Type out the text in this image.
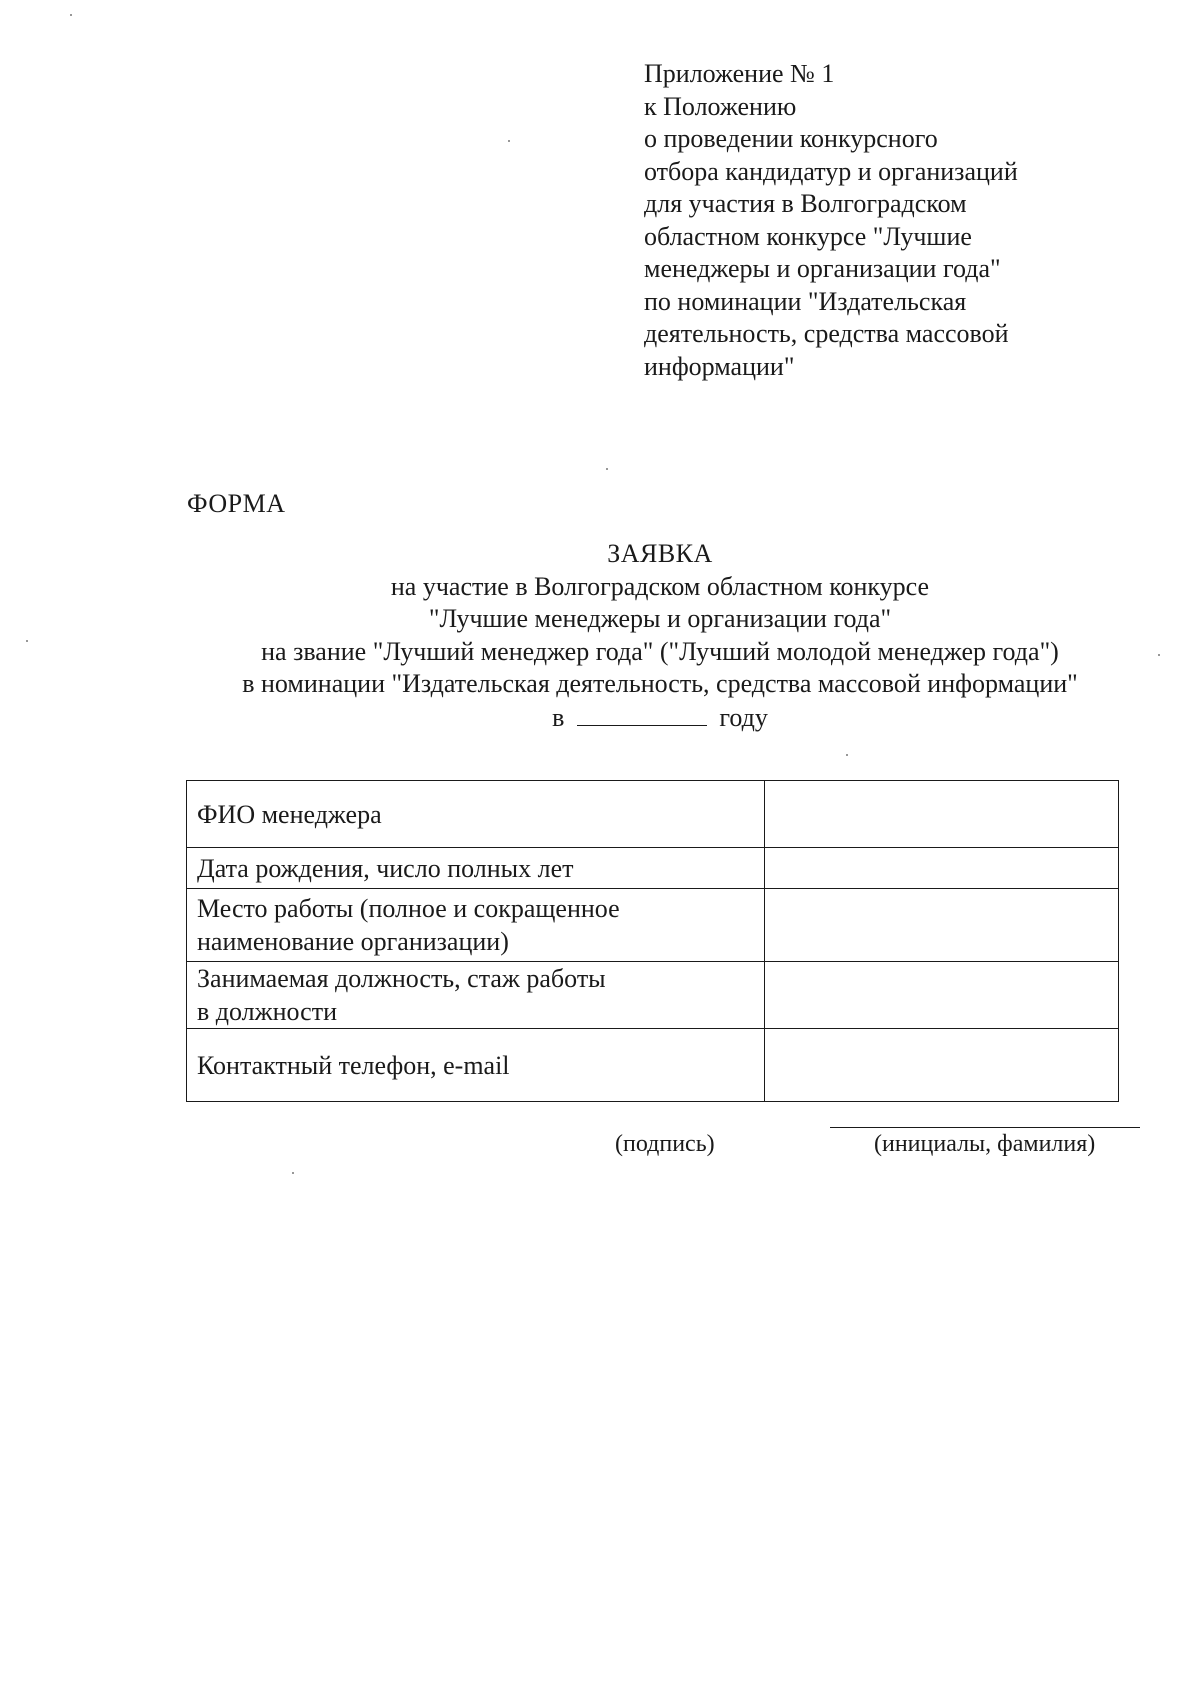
Приложение № 1
к Положению
о проведении конкурсного
отбора кандидатур и организаций
для участия в Волгоградском
областном конкурсе "Лучшие
менеджеры и организации года"
по номинации "Издательская
деятельность, средства массовой
информации"
ФОРМА
ЗАЯВКА
на участие в Волгоградском областном конкурсе
"Лучшие менеджеры и организации года"
на звание "Лучший менеджер года" ("Лучший молодой менеджер года")
в номинации "Издательская деятельность, средства массовой информации"
в	году
ФИО менеджера	

Дата рождения, число полных лет	

Место работы (полное и сокращенное
наименование организации)	

Занимаемая должность, стаж работы
в должности	

Контактный телефон, e-mail	

(подпись)	(инициалы, фамилия)
